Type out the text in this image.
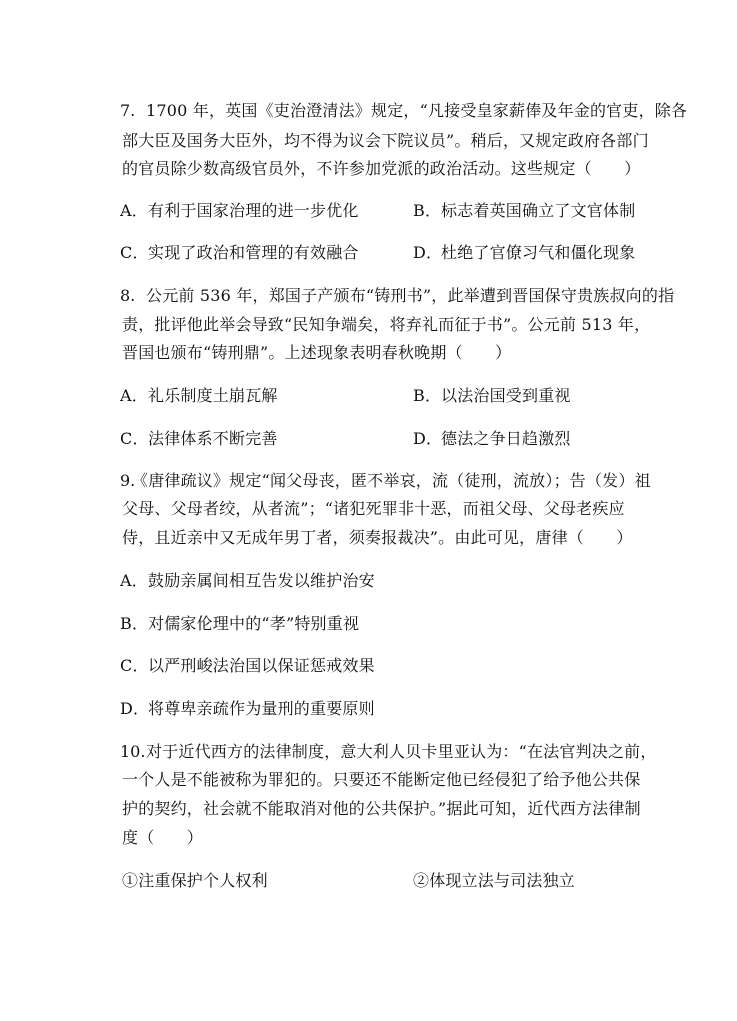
7. 1700 年，英国《吏治澄清法》规定，“凡接受皇家薪俸及年金的官吏，除各
部大臣及国务大臣外，均不得为议会下院议员”。稍后，又规定政府各部门
的官员除少数高级官员外，不许参加党派的政治活动。这些规定（　　）
A．有利于国家治理的进一步优化	B．标志着英国确立了文官体制
C．实现了政治和管理的有效融合	D．杜绝了官僚习气和僵化现象
8. 公元前 536 年，郑国子产颁布“铸刑书”，此举遭到晋国保守贵族叔向的指
责，批评他此举会导致“民知争端矣，将弃礼而征于书”。公元前 513 年，
晋国也颁布“铸刑鼎”。上述现象表明春秋晚期（　　）
A．礼乐制度土崩瓦解	B．以法治国受到重视
C．法律体系不断完善	D．德法之争日趋激烈
9.
《唐律疏议》规定“闻父母丧，匿不举哀，流（徒刑，流放）；告（发）祖
父母、父母者绞，从者流”；“诸犯死罪非十恶，而祖父母、父母老疾应
侍，且近亲中又无成年男丁者，须奏报裁决”。由此可见，唐律（　　）
A．鼓励亲属间相互告发以维护治安
B．对儒家伦理中的“孝”特别重视
C．以严刑峻法治国以保证惩戒效果
D．将尊卑亲疏作为量刑的重要原则
10. 对于近代西方的法律制度，意大利人贝卡里亚认为：“在法官判决之前，
一个人是不能被称为罪犯的。只要还不能断定他已经侵犯了给予他公共保
护的契约，社会就不能取消对他的公共保护。”据此可知，近代西方法律制
度（　　）
①注重保护个人权利	②体现立法与司法独立
